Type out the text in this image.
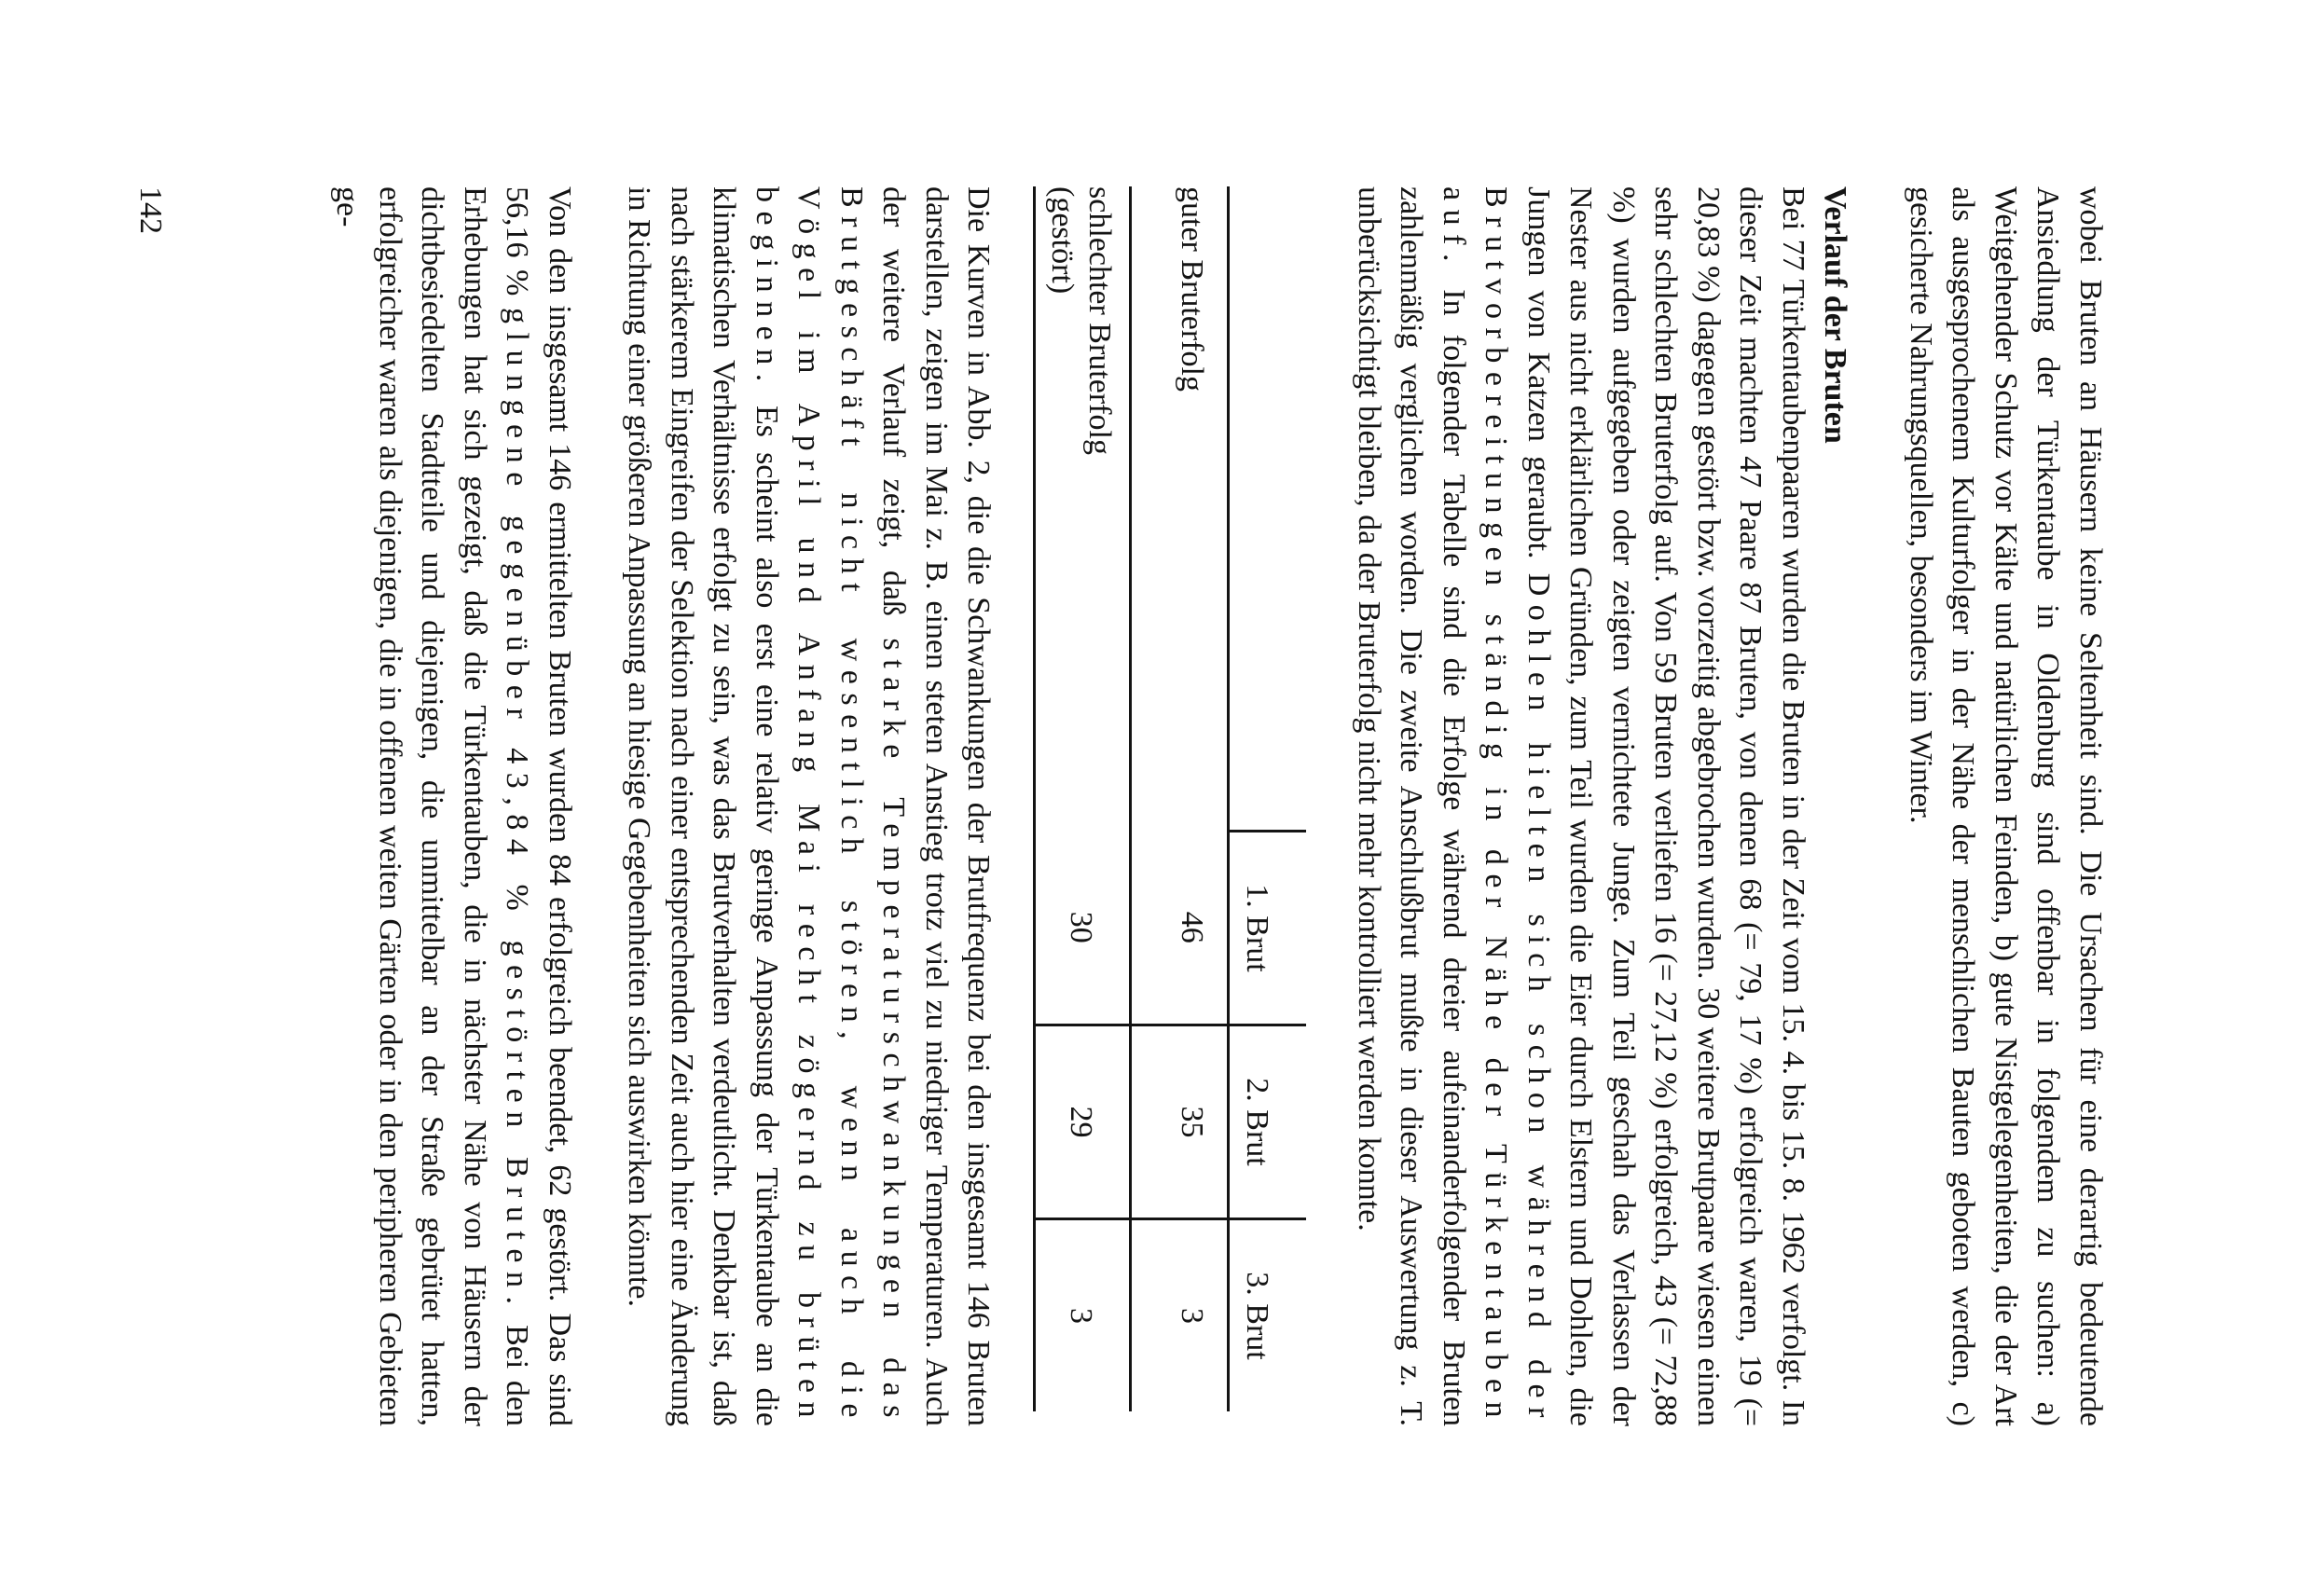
wobei Bruten an Häusern keine Seltenheit sind. Die Ursachen für eine derartig bedeutende Ansiedlung der Türkentaube in Oldenburg sind offenbar in folgendem zu suchen: a) Weitgehender Schutz vor Kälte und natürlichen Feinden, b) gute Nistgelegenheiten, die der Art als ausgesprochenem Kulturfolger in der Nähe der menschlichen Bauten geboten werden, c) gesicherte Nahrungsquellen, besonders im Winter.

Verlauf der Bruten

Bei 77 Türkentaubenpaaren wurden die Bruten in der Zeit vom 15. 4. bis 15. 8. 1962 verfolgt. In dieser Zeit machten 47 Paare 87 Bruten, von denen 68 (= 79, 17 %) erfolgreich waren, 19 (= 20,83 %) dagegen gestört bzw. vorzeitig abgebrochen wurden. 30 weitere Brutpaare wiesen einen sehr schlechten Bruterfolg auf. Von 59 Bruten verliefen 16 (= 27,12 %) erfolgreich, 43 (= 72,88 %) wurden aufgegeben oder zeigten vernichtete Junge. Zum Teil geschah das Verlassen der Nester aus nicht erklärlichen Gründen, zum Teil wurden die Eier durch Elstern und Dohlen, die Jungen von Katzen geraubt. Dohlen hielten sich schon während der Brutvorbereitungen ständig in der Nähe der Türkentauben auf. In folgender Tabelle sind die Erfolge während dreier aufeinanderfolgender Bruten zahlenmäßig verglichen worden. Die zweite Anschlußbrut mußte in dieser Auswertung z. T. unberücksichtigt bleiben, da der Bruterfolg nicht mehr kontrolliert werden konnte.

	1. Brut	2. Brut	3. Brut
guter Bruterfolg	46	35	3
schlechter Bruterfolg
(gestört)	30	29	3

Die Kurven in Abb. 2, die die Schwankungen der Brutfrequenz bei den insgesamt 146 Bruten darstellen, zeigen im Mai z. B. einen steten Anstieg trotz viel zu niedriger Temperaturen. Auch der weitere Verlauf zeigt, daß starke Temperaturschwankungen das Brutgeschäft nicht wesentlich stören, wenn auch die Vögel im April und Anfang Mai recht zögernd zu brüten beginnen. Es scheint also erst eine relativ geringe Anpassung der Türkentaube an die klimatischen Verhältnisse erfolgt zu sein, was das Brutverhalten verdeutlicht. Denkbar ist, daß nach stärkerem Eingreifen der Selektion nach einer entsprechenden Zeit auch hier eine Änderung in Richtung einer größeren Anpassung an hiesige Gegebenheiten sich auswirken könnte.

Von den insgesamt 146 ermittelten Bruten wurden 84 erfolgreich beendet, 62 gestört. Das sind 56,16 % glungene gegenüber 43,84 % gestörten Bruten. Bei den Erhebungen hat sich gezeigt, daß die Türkentauben, die in nächster Nähe von Häusern der dichtbesiedelten Stadtteile und diejenigen, die unmittelbar an der Straße gebrütet hatten, erfolgreicher waren als diejenigen, die in offenen weiten Gärten oder in den peripheren Gebieten ge-

142
